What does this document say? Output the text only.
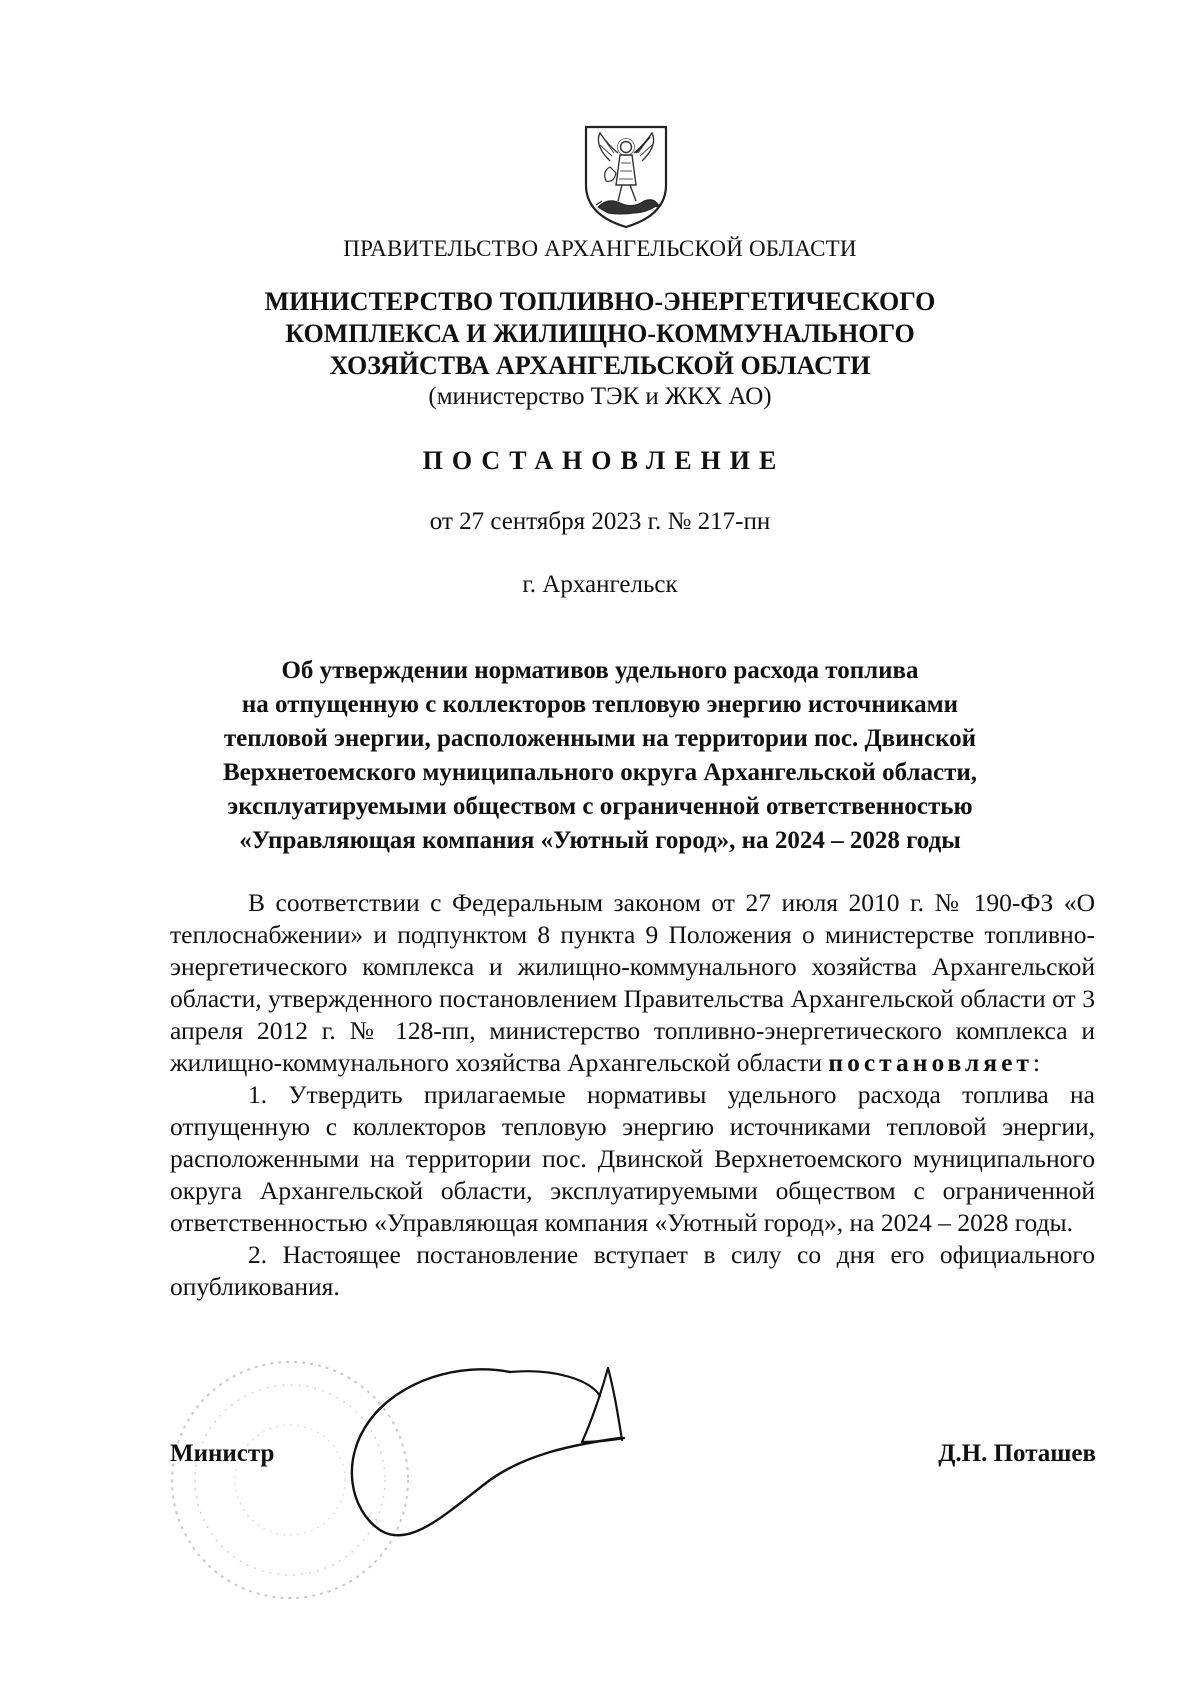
ПРАВИТЕЛЬСТВО АРХАНГЕЛЬСКОЙ ОБЛАСТИ
МИНИСТЕРСТВО ТОПЛИВНО-ЭНЕРГЕТИЧЕСКОГО
КОМПЛЕКСА И ЖИЛИЩНО-КОММУНАЛЬНОГО
ХОЗЯЙСТВА АРХАНГЕЛЬСКОЙ ОБЛАСТИ
(министерство ТЭК и ЖКХ АО)
ПОСТАНОВЛЕНИЕ
от 27 сентября 2023 г. № 217-пн
г. Архангельск
Об утверждении нормативов удельного расхода топлива
на отпущенную с коллекторов тепловую энергию источниками
тепловой энергии, расположенными на территории пос. Двинской
Верхнетоемского муниципального округа Архангельской области,
эксплуатируемыми обществом с ограниченной ответственностью
«Управляющая компания «Уютный город», на 2024 – 2028 годы

В соответствии с Федеральным законом от 27 июля 2010 г. № 190-ФЗ «О теплоснабжении» и подпунктом 8 пункта 9 Положения о министерстве топливно-энергетического комплекса и жилищно-коммунального хозяйства Архангельской области, утвержденного постановлением Правительства Архангельской области от 3 апреля 2012 г. № 128-пп, министерство топливно-энергетического комплекса и жилищно-коммунального хозяйства Архангельской области постановляет:

1. Утвердить прилагаемые нормативы удельного расхода топлива на отпущенную с коллекторов тепловую энергию источниками тепловой энергии, расположенными на территории пос. Двинской Верхнетоемского муниципального округа Архангельской области, эксплуатируемыми обществом с ограниченной ответственностью «Управляющая компания «Уютный город», на 2024 – 2028 годы.

2. Настоящее постановление вступает в силу со дня его официального опубликования.

Министр	Д.Н. Поташев
